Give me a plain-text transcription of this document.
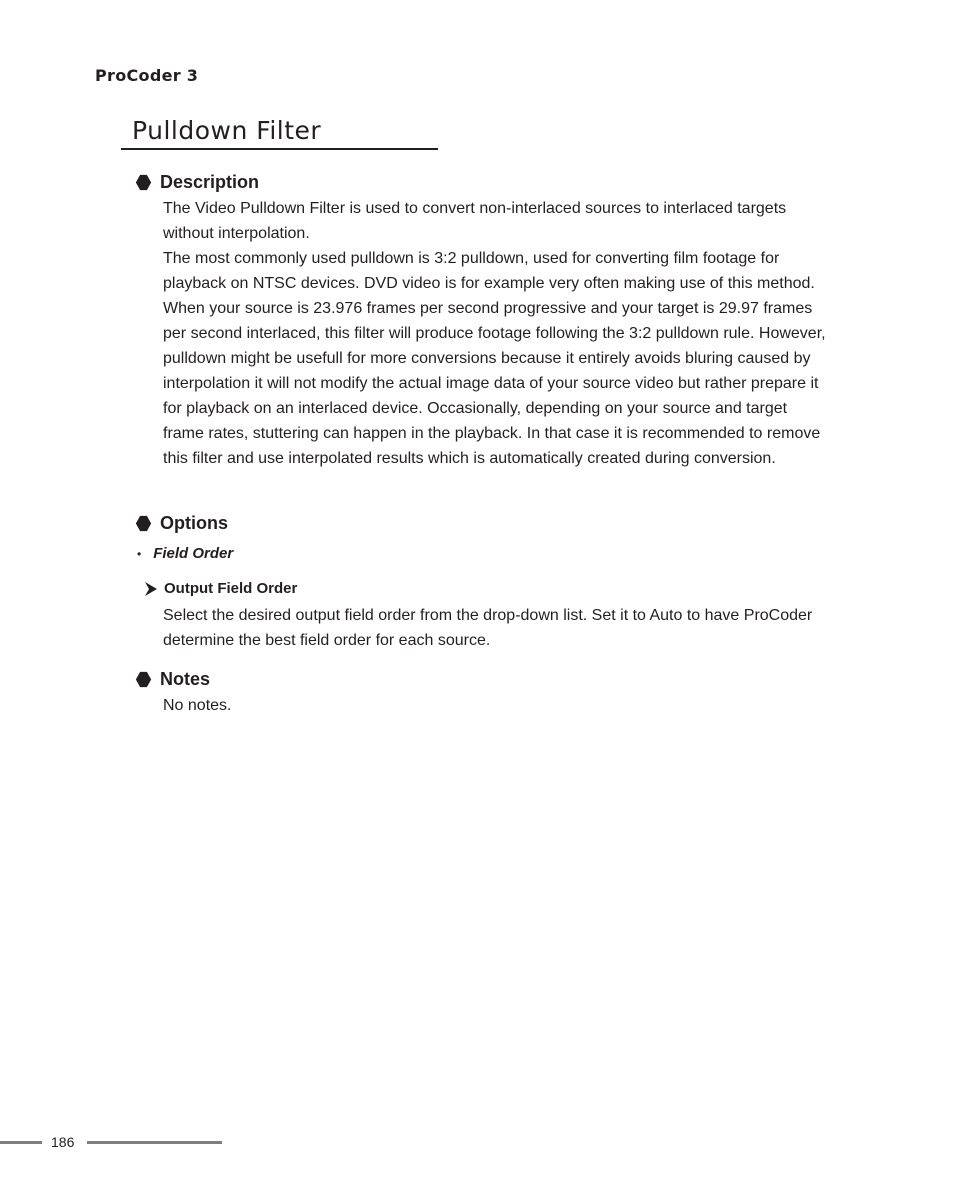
ProCoder 3
Pulldown Filter
Description

The Video Pulldown Filter is used to convert non-interlaced sources to interlaced targets without interpolation.

The most commonly used pulldown is 3:2 pulldown, used for converting film footage for playback on NTSC devices. DVD video is for example very often making use of this method. When your source is 23.976 frames per second progressive and your target is 29.97 frames per second interlaced, this filter will produce footage following the 3:2 pulldown rule. However, pulldown might be usefull for more conversions because it entirely avoids bluring caused by interpolation it will not modify the actual image data of your source video but rather prepare it for playback on an interlaced device. Occasionally, depending on your source and target frame rates, stuttering can happen in the playback. In that case it is recommended to remove this filter and use interpolated results which is automatically created during conversion.

Options
• Field Order
Output Field Order

Select the desired output field order from the drop-down list. Set it to Auto to have ProCoder determine the best field order for each source.

Notes

No notes.

186
